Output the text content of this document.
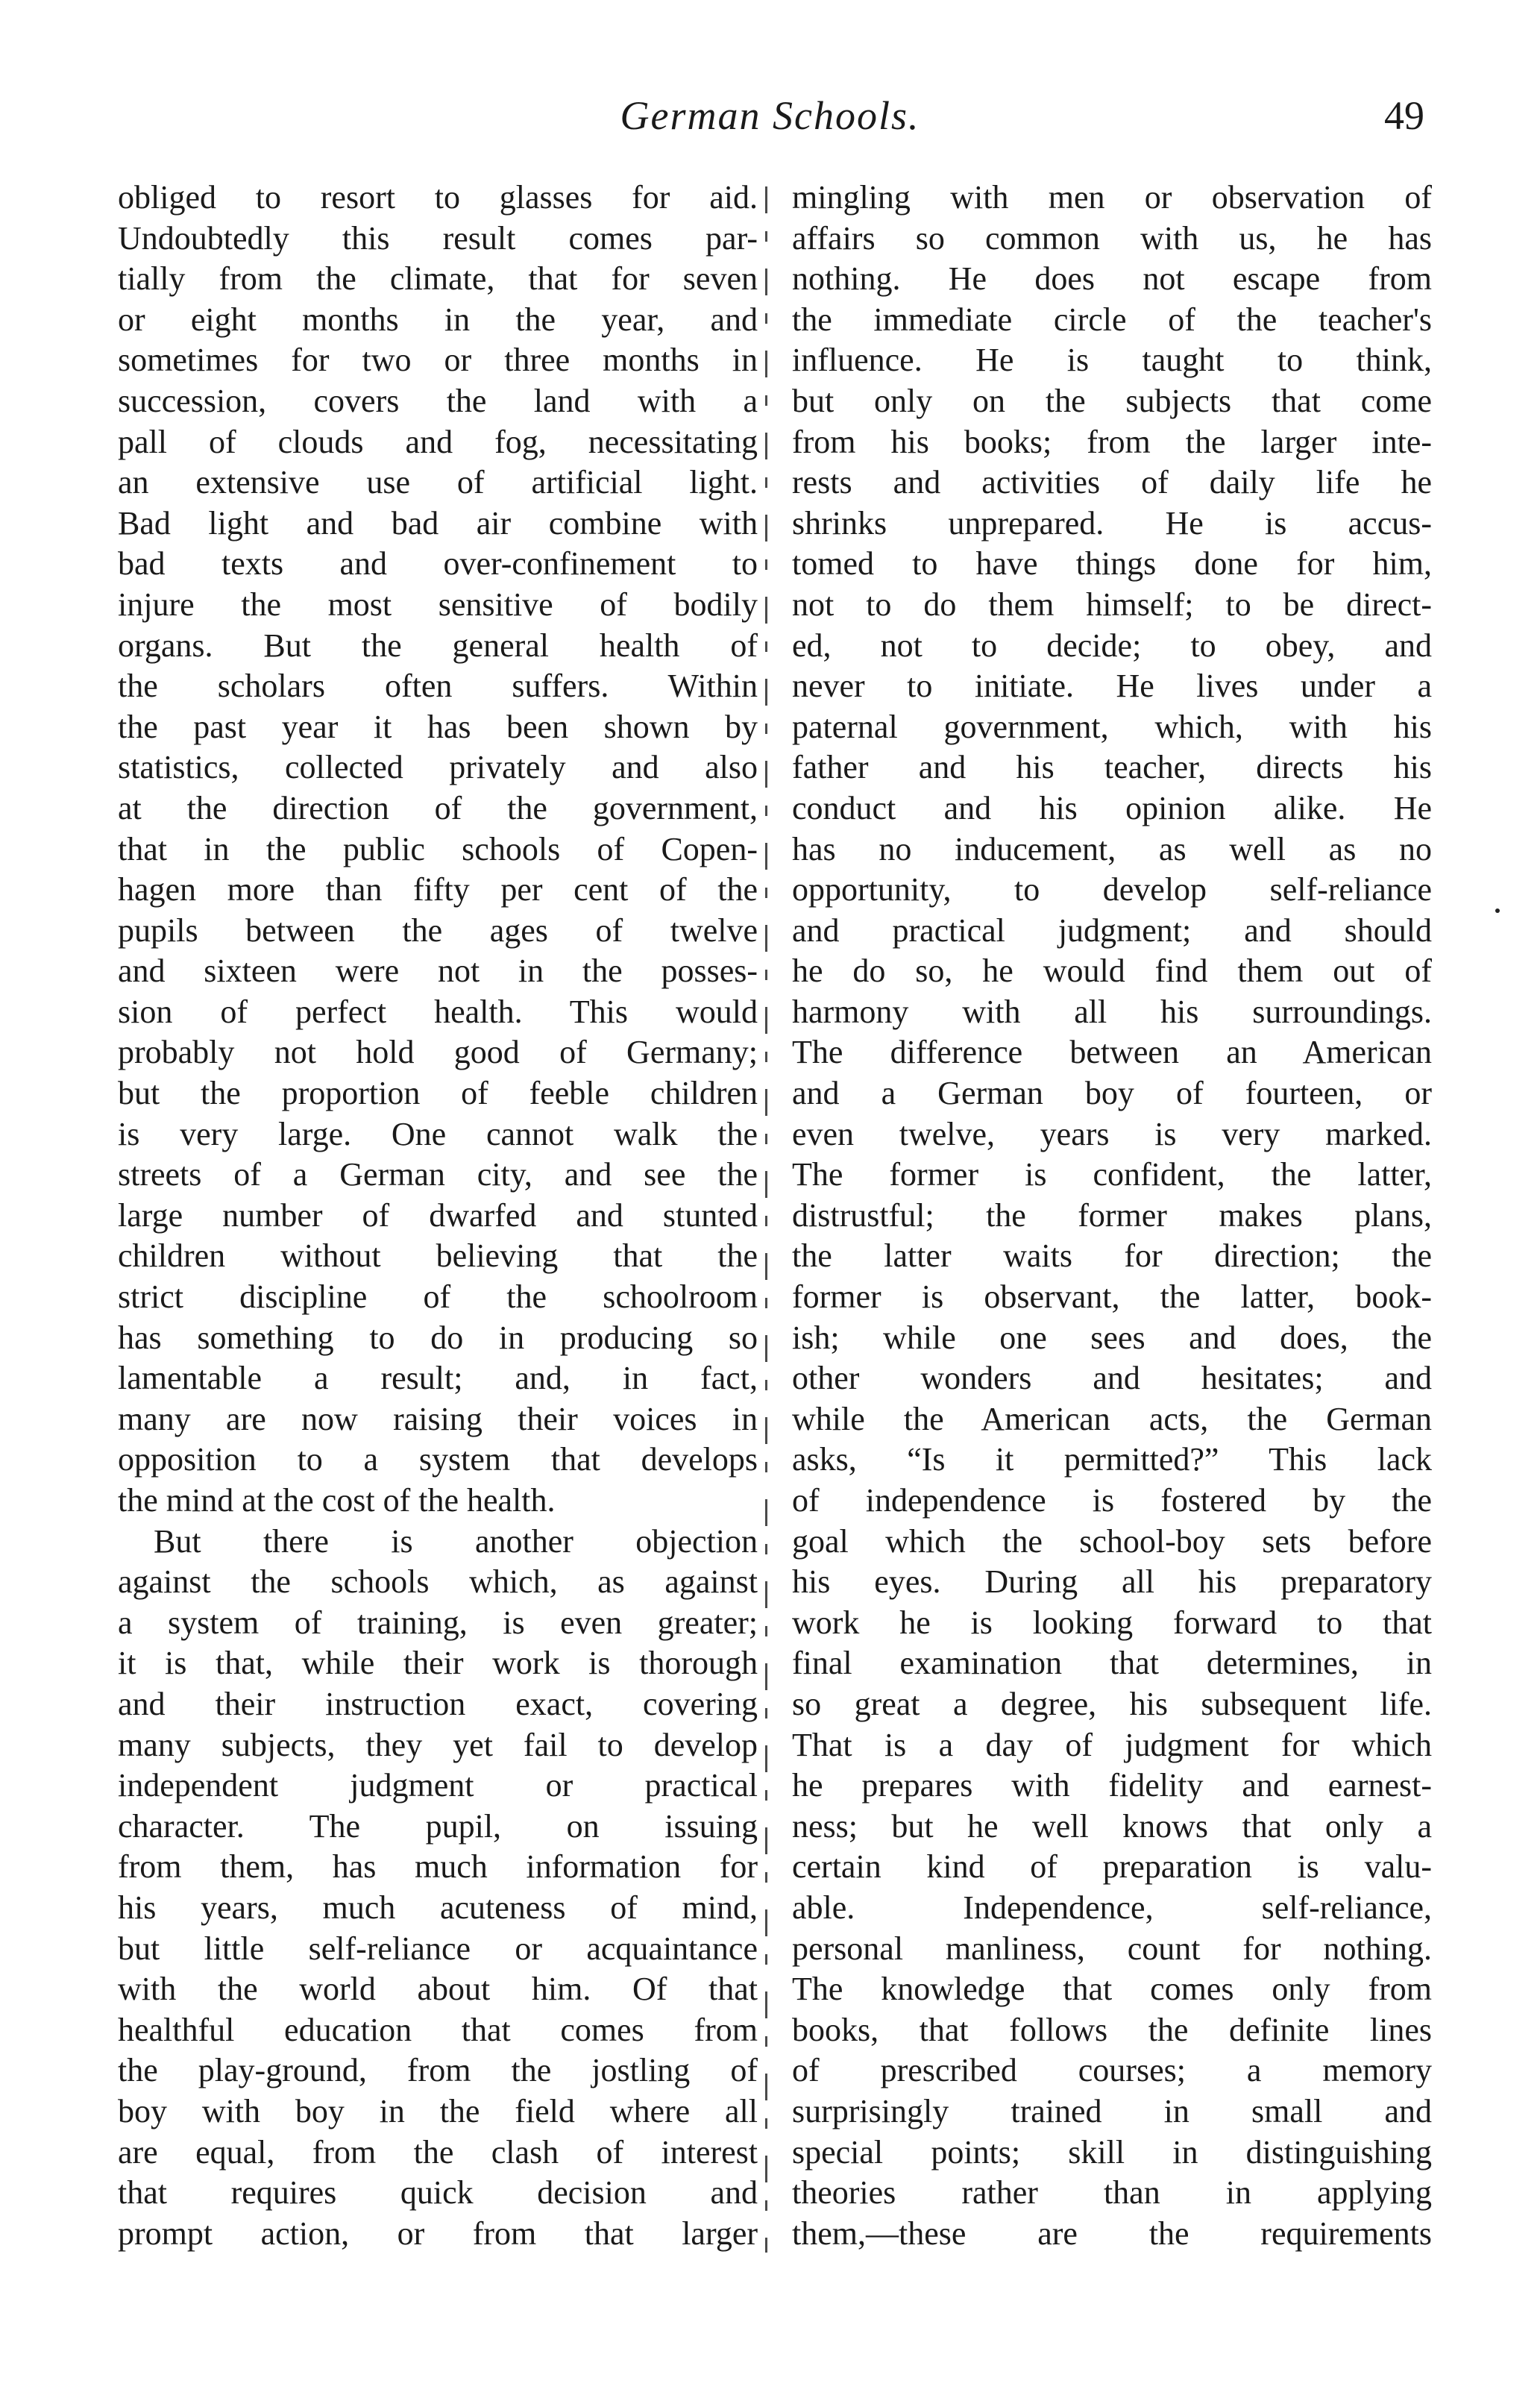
German Schools.	49
obliged to resort to glasses for aid.
Undoubtedly this result comes par-
tially from the climate, that for seven
or eight months in the year, and
sometimes for two or three months in
succession, covers the land with a
pall of clouds and fog, necessitating
an extensive use of artificial light.
Bad light and bad air combine with
bad texts and over-confinement to
injure the most sensitive of bodily
organs. But the general health of
the scholars often suffers. Within
the past year it has been shown by
statistics, collected privately and also
at the direction of the government,
that in the public schools of Copen-
hagen more than fifty per cent of the
pupils between the ages of twelve
and sixteen were not in the posses-
sion of perfect health. This would
probably not hold good of Germany;
but the proportion of feeble children
is very large. One cannot walk the
streets of a German city, and see the
large number of dwarfed and stunted
children without believing that the
strict discipline of the schoolroom
has something to do in producing so
lamentable a result; and, in fact,
many are now raising their voices in
opposition to a system that develops
the mind at the cost of the health.
But there is another objection
against the schools which, as against
a system of training, is even greater;
it is that, while their work is thorough
and their instruction exact, covering
many subjects, they yet fail to develop
independent judgment or practical
character. The pupil, on issuing
from them, has much information for
his years, much acuteness of mind,
but little self-reliance or acquaintance
with the world about him. Of that
healthful education that comes from
the play-ground, from the jostling of
boy with boy in the field where all
are equal, from the clash of interest
that requires quick decision and
prompt action, or from that larger
mingling with men or observation of
affairs so common with us, he has
nothing. He does not escape from
the immediate circle of the teacher's
influence. He is taught to think,
but only on the subjects that come
from his books; from the larger inte-
rests and activities of daily life he
shrinks unprepared. He is accus-
tomed to have things done for him,
not to do them himself; to be direct-
ed, not to decide; to obey, and
never to initiate. He lives under a
paternal government, which, with his
father and his teacher, directs his
conduct and his opinion alike. He
has no inducement, as well as no
opportunity, to develop self-reliance
and practical judgment; and should
he do so, he would find them out of
harmony with all his surroundings.
The difference between an American
and a German boy of fourteen, or
even twelve, years is very marked.
The former is confident, the latter,
distrustful; the former makes plans,
the latter waits for direction; the
former is observant, the latter, book-
ish; while one sees and does, the
other wonders and hesitates; and
while the American acts, the German
asks, “Is it permitted?” This lack
of independence is fostered by the
goal which the school-boy sets before
his eyes. During all his preparatory
work he is looking forward to that
final examination that determines, in
so great a degree, his subsequent life.
That is a day of judgment for which
he prepares with fidelity and earnest-
ness; but he well knows that only a
certain kind of preparation is valu-
able. Independence, self-reliance,
personal manliness, count for nothing.
The knowledge that comes only from
books, that follows the definite lines
of prescribed courses; a memory
surprisingly trained in small and
special points; skill in distinguishing
theories rather than in applying
them,—these are the requirements
